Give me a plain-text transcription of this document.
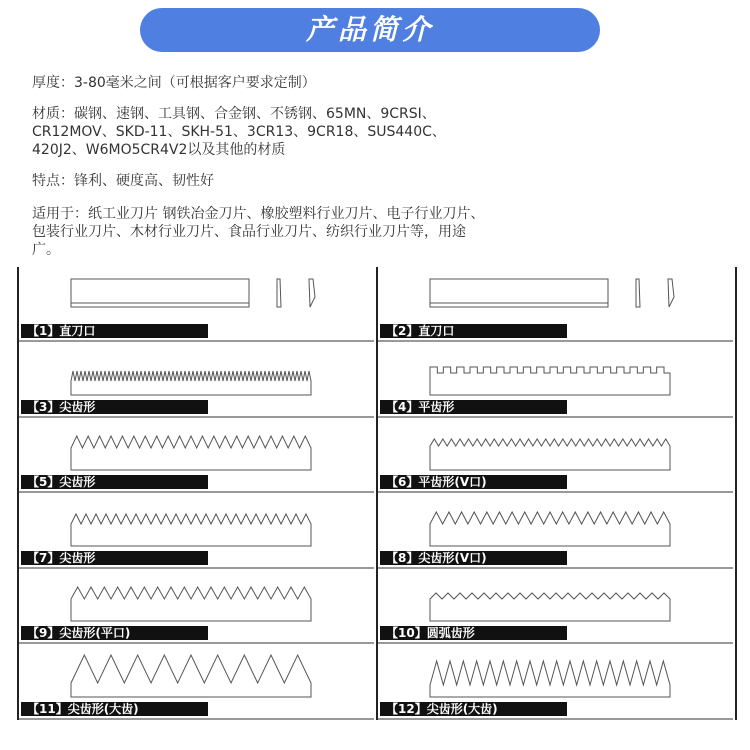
产品简介
厚度：3-80毫米之间（可根据客户要求定制）
材质：碳钢、速钢、工具钢、合金钢、不锈钢、65MN、9CRSI、
CR12MOV、SKD-11、SKH-51、3CR13、9CR18、SUS440C、
420J2、W6MO5CR4V2以及其他的材质
特点：锋利、硬度高、韧性好
适用于：纸工业刀片 钢铁冶金刀片、橡胶塑料行业刀片、电子行业刀片、
包装行业刀片、木材行业刀片、食品行业刀片、纺织行业刀片等，用途
广。
【1】直刀口	【2】直刀口
【3】尖齿形	【4】平齿形
【5】尖齿形	【6】平齿形(V口)
【7】尖齿形	【8】尖齿形(V口)
【9】尖齿形(平口)	【10】圆弧齿形
【11】尖齿形(大齿)	【12】尖齿形(大齿)
